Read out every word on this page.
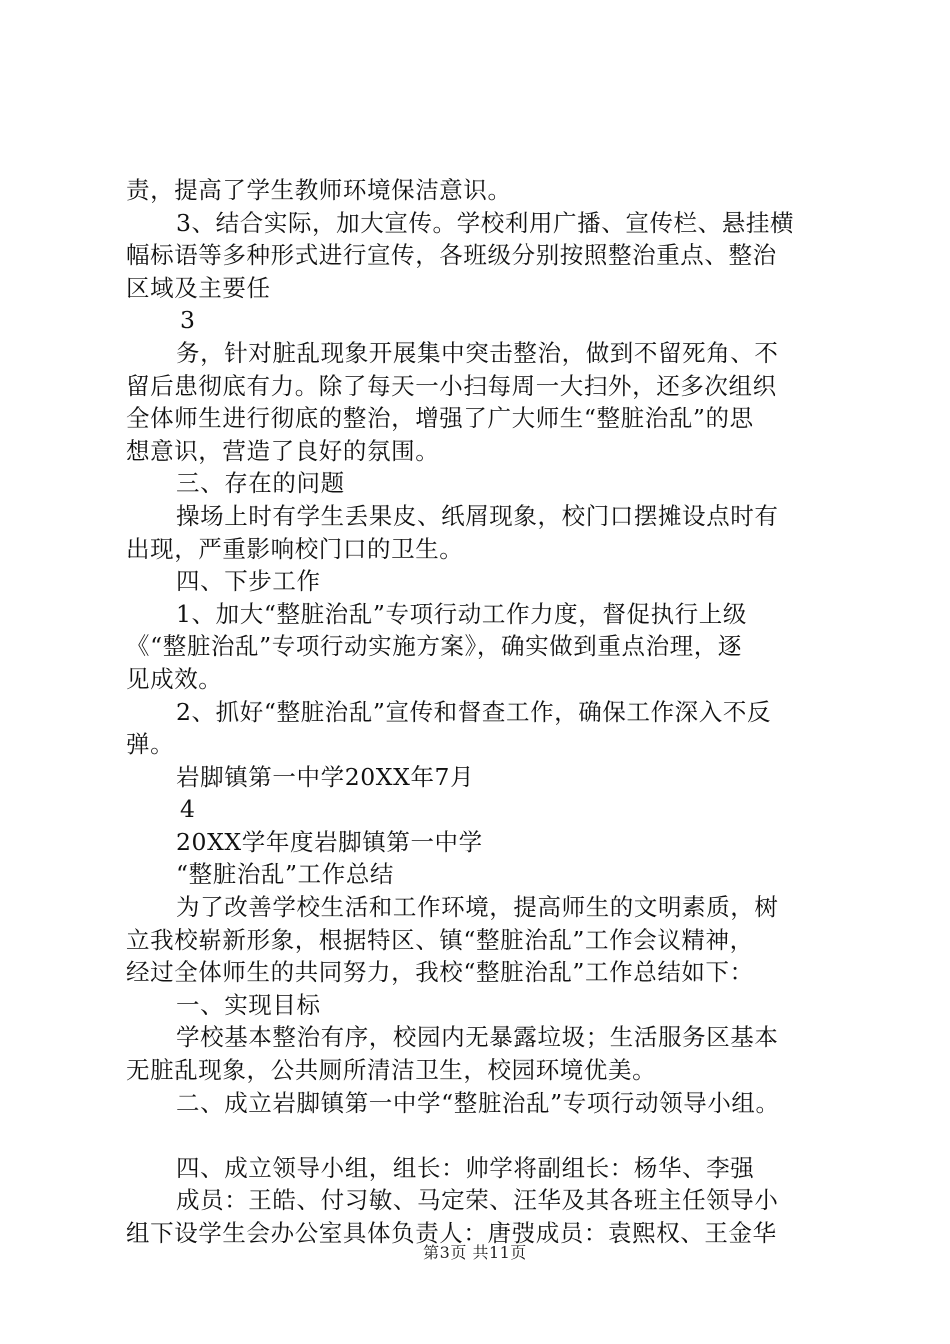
责，提高了学生教师环境保洁意识。
3、结合实际，加大宣传。学校利用广播、宣传栏、悬挂横
幅标语等多种形式进行宣传，各班级分别按照整治重点、整治
区域及主要任
3
务，针对脏乱现象开展集中突击整治，做到不留死角、不
留后患彻底有力。除了每天一小扫每周一大扫外，还多次组织
全体师生进行彻底的整治，增强了广大师生“整脏治乱”的思
想意识，营造了良好的氛围。
三、存在的问题
操场上时有学生丢果皮、纸屑现象，校门口摆摊设点时有
出现，严重影响校门口的卫生。
四、下步工作
1、加大“整脏治乱”专项行动工作力度，督促执行上级
《“整脏治乱”专项行动实施方案》，确实做到重点治理，逐
见成效。
2、抓好“整脏治乱”宣传和督查工作，确保工作深入不反
弹。
岩脚镇第一中学20XX年7月
4
20XX学年度岩脚镇第一中学
“整脏治乱”工作总结
为了改善学校生活和工作环境，提高师生的文明素质，树
立我校崭新形象，根据特区、镇“整脏治乱”工作会议精神，
经过全体师生的共同努力，我校“整脏治乱”工作总结如下：
一、实现目标
学校基本整治有序，校园内无暴露垃圾；生活服务区基本
无脏乱现象，公共厕所清洁卫生，校园环境优美。
二、成立岩脚镇第一中学“整脏治乱”专项行动领导小组。
四、成立领导小组，组长：帅学将副组长：杨华、李强
成员：王皓、付习敏、马定荣、汪华及其各班主任领导小
组下设学生会办公室具体负责人：唐弢成员：袁熙权、王金华
第3页 共11页
